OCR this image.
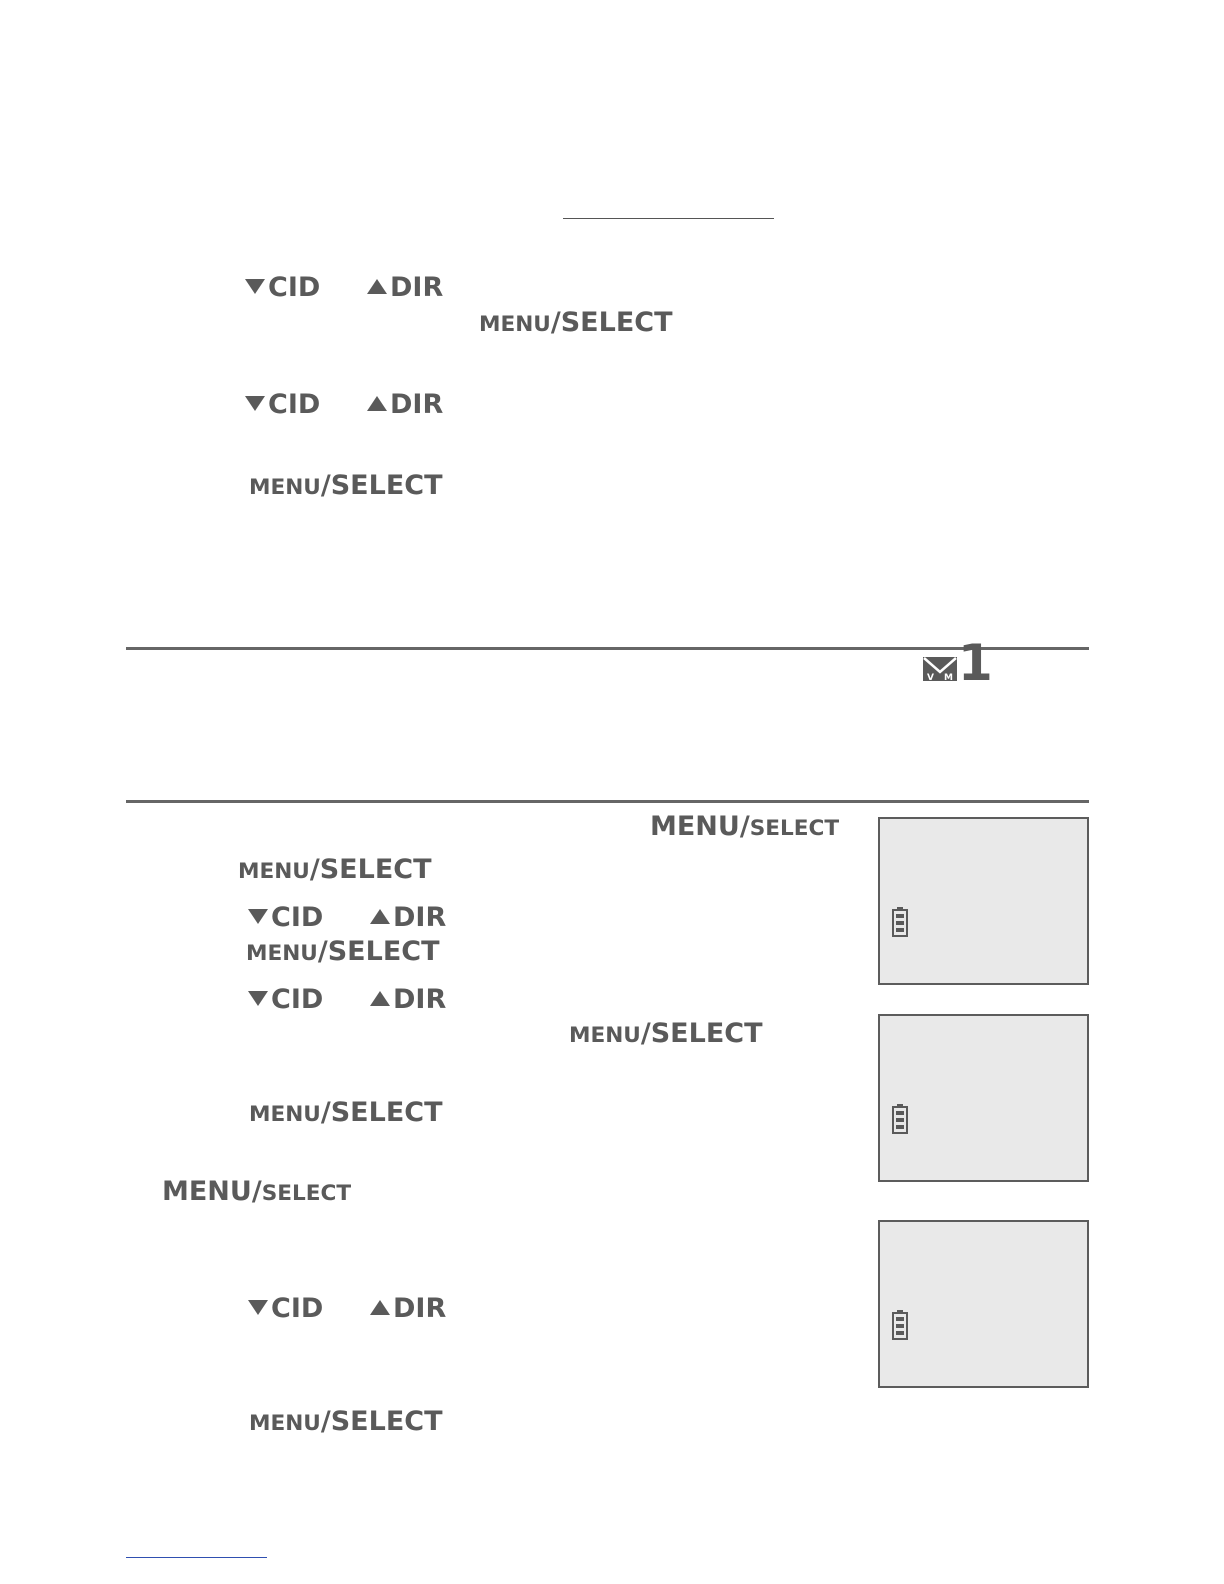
CID	DIR
MENU/SELECT
CID	DIR
MENU/SELECT
V M 1
MENU/SELECT
MENU/SELECT
CID	DIR
MENU/SELECT
CID	DIR
MENU/SELECT
MENU/SELECT
MENU/SELECT
CID	DIR
MENU/SELECT
